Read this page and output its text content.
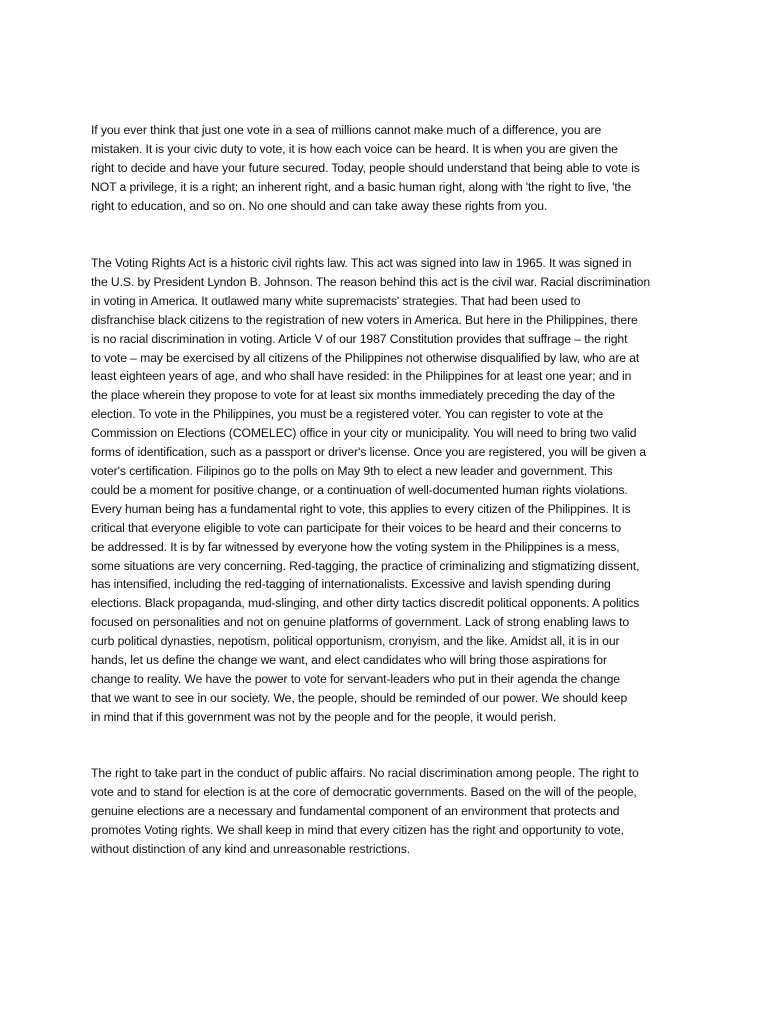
If you ever think that just one vote in a sea of millions cannot make much of a difference, you are
mistaken. It is your civic duty to vote, it is how each voice can be heard. It is when you are given the
right to decide and have your future secured. Today, people should understand that being able to vote is
NOT a privilege, it is a right; an inherent right, and a basic human right, along with 'the right to live, 'the
right to education, and so on. No one should and can take away these rights from you.
The Voting Rights Act is a historic civil rights law. This act was signed into law in 1965. It was signed in
the U.S. by President Lyndon B. Johnson. The reason behind this act is the civil war. Racial discrimination
in voting in America. It outlawed many white supremacists' strategies. That had been used to
disfranchise black citizens to the registration of new voters in America. But here in the Philippines, there
is no racial discrimination in voting. Article V of our 1987 Constitution provides that suffrage – the right
to vote – may be exercised by all citizens of the Philippines not otherwise disqualified by law, who are at
least eighteen years of age, and who shall have resided: in the Philippines for at least one year; and in
the place wherein they propose to vote for at least six months immediately preceding the day of the
election. To vote in the Philippines, you must be a registered voter. You can register to vote at the
Commission on Elections (COMELEC) office in your city or municipality. You will need to bring two valid
forms of identification, such as a passport or driver's license. Once you are registered, you will be given a
voter's certification. Filipinos go to the polls on May 9th to elect a new leader and government. This
could be a moment for positive change, or a continuation of well-documented human rights violations.
Every human being has a fundamental right to vote, this applies to every citizen of the Philippines. It is
critical that everyone eligible to vote can participate for their voices to be heard and their concerns to
be addressed. It is by far witnessed by everyone how the voting system in the Philippines is a mess,
some situations are very concerning. Red-tagging, the practice of criminalizing and stigmatizing dissent,
has intensified, including the red-tagging of internationalists. Excessive and lavish spending during
elections. Black propaganda, mud-slinging, and other dirty tactics discredit political opponents. A politics
focused on personalities and not on genuine platforms of government. Lack of strong enabling laws to
curb political dynasties, nepotism, political opportunism, cronyism, and the like. Amidst all, it is in our
hands, let us define the change we want, and elect candidates who will bring those aspirations for
change to reality. We have the power to vote for servant-leaders who put in their agenda the change
that we want to see in our society. We, the people, should be reminded of our power. We should keep
in mind that if this government was not by the people and for the people, it would perish.
The right to take part in the conduct of public affairs. No racial discrimination among people. The right to
vote and to stand for election is at the core of democratic governments. Based on the will of the people,
genuine elections are a necessary and fundamental component of an environment that protects and
promotes Voting rights. We shall keep in mind that every citizen has the right and opportunity to vote,
without distinction of any kind and unreasonable restrictions.
